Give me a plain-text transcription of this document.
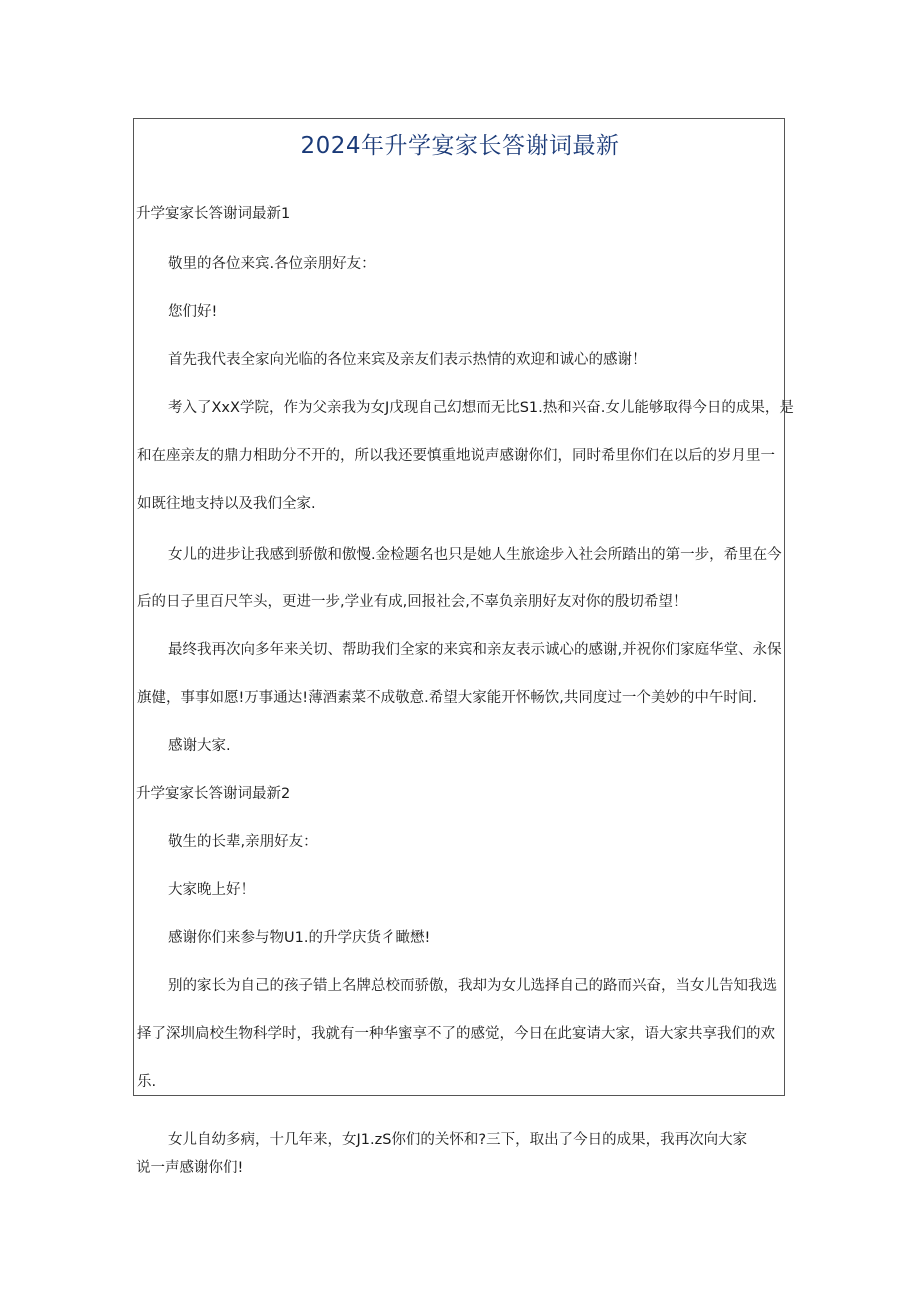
2024年升学宴家长答谢词最新

升学宴家长答谢词最新1

敬里的各位来宾.各位亲朋好友：

您们好!

首先我代表全家向光临的各位来宾及亲友们表示热情的欢迎和诚心的感谢！

考入了XxX学院，作为父亲我为女J戊现自己幻想而无比S1.热和兴奋.女儿能够取得今日的成果，是

和在座亲友的鼎力相助分不开的，所以我还要慎重地说声感谢你们，同时希里你们在以后的岁月里一

如既往地支持以及我们全家.

女儿的进步让我感到骄傲和傲慢.金检题名也只是她人生旅途步入社会所踏出的第一步，希里在今

后的日子里百尺竿头，更进一步,学业有成,回报社会,不辜负亲朋好友对你的殷切希望！

最终我再次向多年来关切、帮助我们全家的来宾和亲友表示诚心的感谢,并祝你们家庭华堂、永保

旗健，事事如愿!万事通达!薄酒素菜不成敬意.希望大家能开怀畅饮,共同度过一个美妙的中午时间.

感谢大家.

升学宴家长答谢词最新2

敬生的长辈,亲朋好友：

大家晚上好！

感谢你们来参与物U1.的升学庆货彳瞰懋!

别的家长为自己的孩子错上名牌总校而骄傲，我却为女儿选择自己的路而兴奋，当女儿告知我选

择了深圳扃校生物科学时，我就有一种华蜜享不了的感觉，今日在此宴请大家，语大家共享我们的欢

乐.

女儿自幼多病，十几年来，女J1.zS你们的关怀和?三下，取出了今日的成果，我再次向大家

说一声感谢你们!
